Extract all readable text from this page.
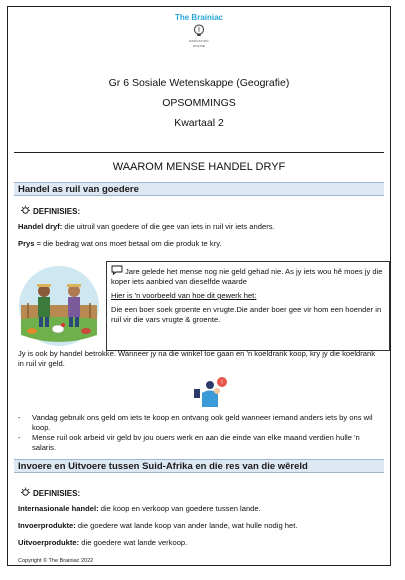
The Brainiac
EDUCATION
ONLINE
Gr 6 Sosiale Wetenskappe (Geografie)
OPSOMMINGS
Kwartaal 2
WAAROM MENSE HANDEL DRYF
Handel as ruil van goedere
DEFINISIES:
Handel dryf: die uitruil van goedere of die gee van iets in ruil vir iets anders.
Prys = die bedrag wat ons moet betaal om die produk te kry.
Jare gelede het mense nog nie geld gehad nie. As jy iets wou hê moes jy die koper iets aanbied van dieselfde waarde
Hier is 'n voorbeeld van hoe dit gewerk het:
Die een boer soek groente en vrugte.Die ander boer gee vir hom een hoender in ruil vir die vars vrugte & groente.
Jy is ook by handel betrokke. Wanneer jy na die winkel toe gaan en 'n koeldrank koop, kry jy die koeldrank in ruil vir geld.
!
- Vandag gebruik ons geld om iets te koop en ontvang ook geld wanneer iemand anders iets by ons wil koop.
- Mense ruil ook arbeid vir geld bv jou ouers werk en aan die einde van elke maand verdien hulle 'n salaris.
Invoere en Uitvoere tussen Suid-Afrika en die res van die wêreld
DEFINISIES:
Internasionale handel: die koop en verkoop van goedere tussen lande.
Invoerprodukte: die goedere wat lande koop van ander lande, wat hulle nodig het.
Uitvoerprodukte: die goedere wat lande verkoop.
Copyright © The Brainiac 2022
